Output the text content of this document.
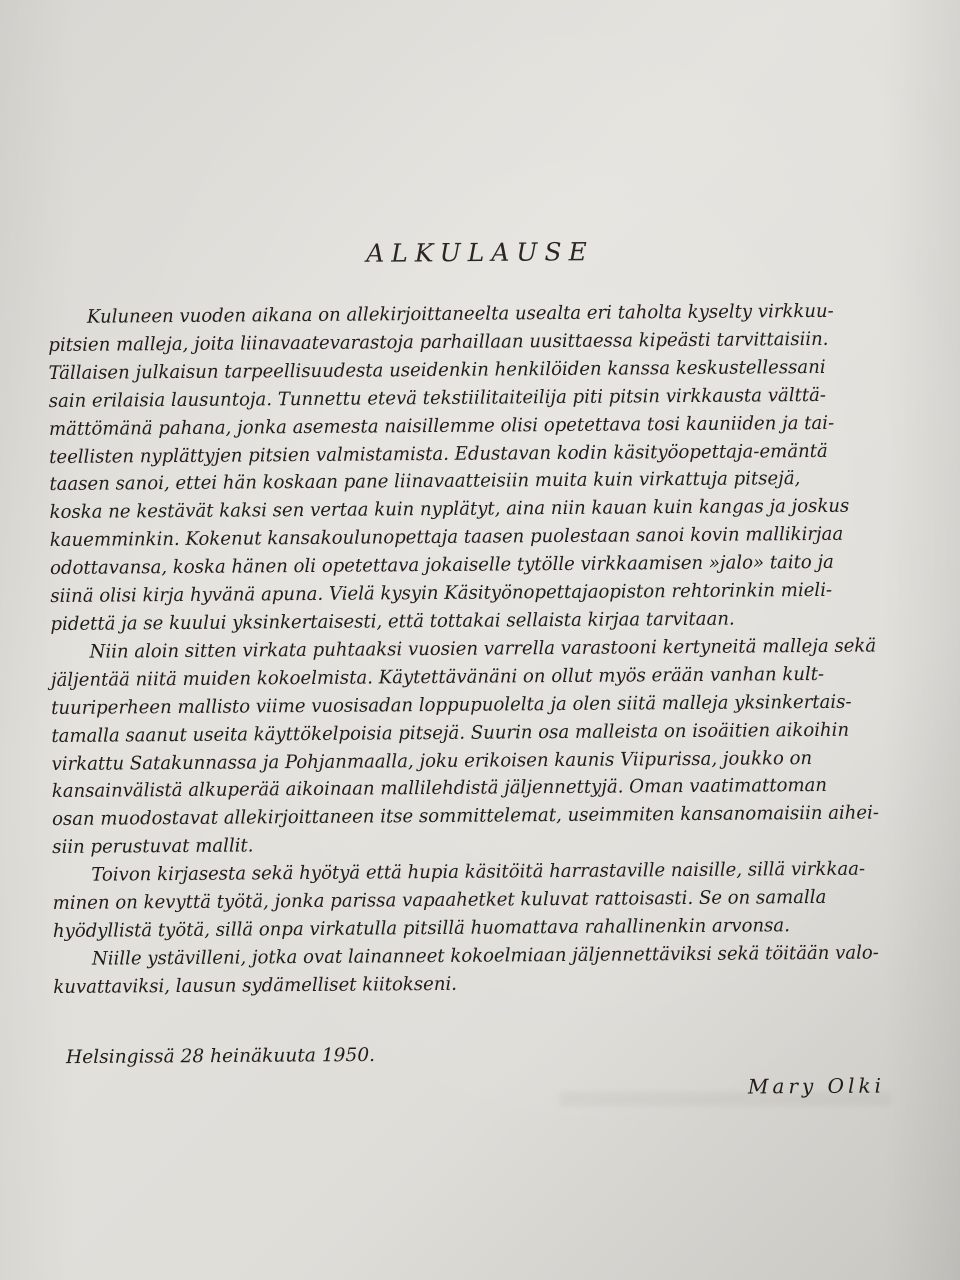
ALKULAUSE
Kuluneen vuoden aikana on allekirjoittaneelta usealta eri taholta kyselty virkkuu-
pitsien malleja, joita liinavaatevarastoja parhaillaan uusittaessa kipeästi tarvittaisiin.
Tällaisen julkaisun tarpeellisuudesta useidenkin henkilöiden kanssa keskustellessani
sain erilaisia lausuntoja. Tunnettu etevä tekstiilitaiteilija piti pitsin virkkausta välttä-
mättömänä pahana, jonka asemesta naisillemme olisi opetettava tosi kauniiden ja tai-
teellisten nyplättyjen pitsien valmistamista. Edustavan kodin käsityöopettaja-emäntä
taasen sanoi, ettei hän koskaan pane liinavaatteisiin muita kuin virkattuja pitsejä,
koska ne kestävät kaksi sen vertaa kuin nyplätyt, aina niin kauan kuin kangas ja joskus
kauemminkin. Kokenut kansakoulunopettaja taasen puolestaan sanoi kovin mallikirjaa
odottavansa, koska hänen oli opetettava jokaiselle tytölle virkkaamisen »jalo» taito ja
siinä olisi kirja hyvänä apuna. Vielä kysyin Käsityönopettajaopiston rehtorinkin mieli-
pidettä ja se kuului yksinkertaisesti, että tottakai sellaista kirjaa tarvitaan.
Niin aloin sitten virkata puhtaaksi vuosien varrella varastooni kertyneitä malleja sekä
jäljentää niitä muiden kokoelmista. Käytettävänäni on ollut myös erään vanhan kult-
tuuriperheen mallisto viime vuosisadan loppupuolelta ja olen siitä malleja yksinkertais-
tamalla saanut useita käyttökelpoisia pitsejä. Suurin osa malleista on isoäitien aikoihin
virkattu Satakunnassa ja Pohjanmaalla, joku erikoisen kaunis Viipurissa, joukko on
kansainvälistä alkuperää aikoinaan mallilehdistä jäljennettyjä. Oman vaatimattoman
osan muodostavat allekirjoittaneen itse sommittelemat, useimmiten kansanomaisiin aihei-
siin perustuvat mallit.
Toivon kirjasesta sekä hyötyä että hupia käsitöitä harrastaville naisille, sillä virkkaa-
minen on kevyttä työtä, jonka parissa vapaahetket kuluvat rattoisasti. Se on samalla
hyödyllistä työtä, sillä onpa virkatulla pitsillä huomattava rahallinenkin arvonsa.
Niille ystävilleni, jotka ovat lainanneet kokoelmiaan jäljennettäviksi sekä töitään valo-
kuvattaviksi, lausun sydämelliset kiitokseni.
Helsingissä 28 heinäkuuta 1950.
Mary Olki
